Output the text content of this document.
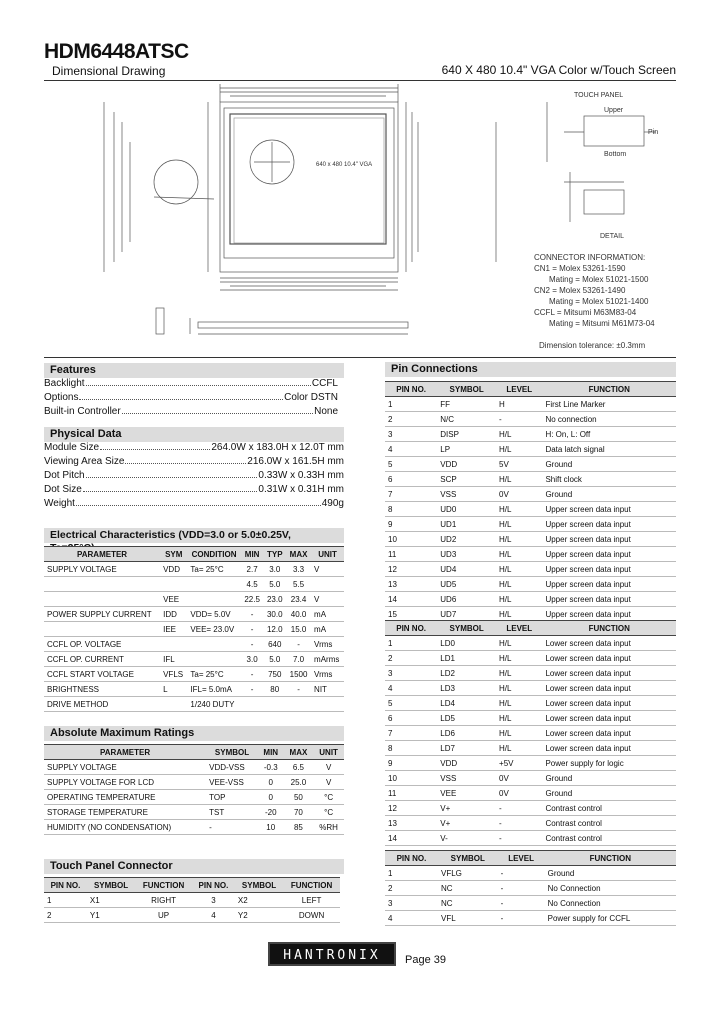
HDM6448ATSC
Dimensional Drawing	640 X 480 10.4" VGA Color w/Touch Screen
TOUCH PANEL
Upper
Bottom
Pin
DETAIL
640 x 480 10.4" VGA
CONNECTOR INFORMATION:
CN1 = Molex 53261-1590
Mating = Molex 51021-1500
CN2 = Molex 53261-1490
Mating = Molex 51021-1400
CCFL = Mitsumi M63M83-04
Mating = Mitsumi M61M73-04
Dimension tolerance: ±0.3mm
Features
Backlight	CCFL
Options	Color DSTN
Built-in Controller	None
Physical Data
Module Size	264.0W x 183.0H x 12.0T mm
Viewing Area Size	216.0W x 161.5H mm
Dot Pitch	0.33W x 0.33H mm
Dot Size	0.31W x 0.31H mm
Weight	490g
Electrical Characteristics (VDD=3.0 or 5.0±0.25V,
PARAMETER	SYM	CONDITION	MIN	TYP	MAX	UNIT
SUPPLY VOLTAGE	VDD	Ta= 25°C	2.7	3.0	3.3	V
			4.5	5.0	5.5	
	VEE		22.5	23.0	23.4	V
POWER SUPPLY CURRENT	IDD	VDD= 5.0V	-	30.0	40.0	mA
	IEE	VEE= 23.0V	-	12.0	15.0	mA
CCFL OP. VOLTAGE			-	640	-	Vrms
CCFL OP. CURRENT	IFL		3.0	5.0	7.0	mArms
CCFL START VOLTAGE	VFLS	Ta= 25°C	-	750	1500	Vrms
BRIGHTNESS	L	IFL= 5.0mA	-	80	-	NIT
DRIVE METHOD		1/240 DUTY				
Absolute Maximum Ratings
PARAMETER	SYMBOL	MIN	MAX	UNIT
SUPPLY VOLTAGE	VDD-VSS	-0.3	6.5	V
SUPPLY VOLTAGE FOR LCD	VEE-VSS	0	25.0	V
OPERATING TEMPERATURE	TOP	0	50	°C
STORAGE TEMPERATURE	TST	-20	70	°C
HUMIDITY (NO CONDENSATION)	-	10	85	%RH
Touch Panel Connector
PIN NO.	SYMBOL	FUNCTION	PIN NO.	SYMBOL	FUNCTION
1	X1	RIGHT	3	X2	LEFT
2	Y1	UP	4	Y2	DOWN
Pin Connections
PIN NO.	SYMBOL	LEVEL	FUNCTION
1	FF	H	First Line Marker
2	N/C	-	No connection
3	DISP	H/L	H: On, L: Off
4	LP	H/L	Data latch signal
5	VDD	5V	Ground
6	SCP	H/L	Shift clock
7	VSS	0V	Ground
8	UD0	H/L	Upper screen data input
9	UD1	H/L	Upper screen data input
10	UD2	H/L	Upper screen data input
11	UD3	H/L	Upper screen data input
12	UD4	H/L	Upper screen data input
13	UD5	H/L	Upper screen data input
14	UD6	H/L	Upper screen data input
15	UD7	H/L	Upper screen data input
PIN NO.	SYMBOL	LEVEL	FUNCTION
1	LD0	H/L	Lower screen data input
2	LD1	H/L	Lower screen data input
3	LD2	H/L	Lower screen data input
4	LD3	H/L	Lower screen data input
5	LD4	H/L	Lower screen data input
6	LD5	H/L	Lower screen data input
7	LD6	H/L	Lower screen data input
8	LD7	H/L	Lower screen data input
9	VDD	+5V	Power supply for logic
10	VSS	0V	Ground
11	VEE	0V	Ground
12	V+	-	Contrast control
13	V+	-	Contrast control
14	V-	-	Contrast control
PIN NO.	SYMBOL	LEVEL	FUNCTION
1	VFLG	-	Ground
2	NC	-	No Connection
3	NC	-	No Connection
4	VFL	-	Power supply for CCFL
HANTRONIX	Page 39
